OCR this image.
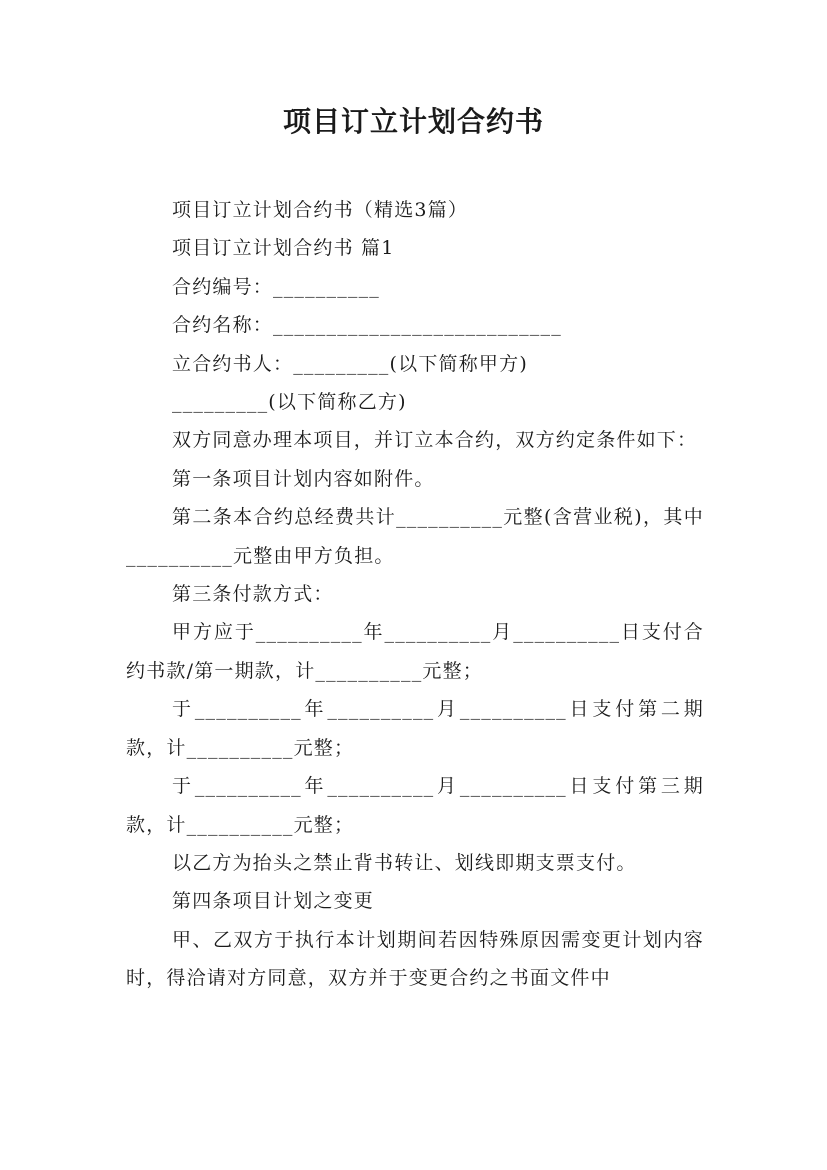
项目订立计划合约书

项目订立计划合约书（精选3篇）

项目订立计划合约书 篇1

合约编号：__________

合约名称：___________________________

立合约书人：_________(以下简称甲方)

_________(以下简称乙方)

双方同意办理本项目，并订立本合约，双方约定条件如下：

第一条项目计划内容如附件。

第二条本合约总经费共计__________元整(含营业税)，其中__________元整由甲方负担。

第三条付款方式：

甲方应于__________年__________月__________日支付合约书款/第一期款，计__________元整；

于__________年__________月__________日支付第二期款，计__________元整；

于__________年__________月__________日支付第三期款，计__________元整；

以乙方为抬头之禁止背书转让、划线即期支票支付。

第四条项目计划之变更

甲、乙双方于执行本计划期间若因特殊原因需变更计划内容时，得洽请对方同意，双方并于变更合约之书面文件中
